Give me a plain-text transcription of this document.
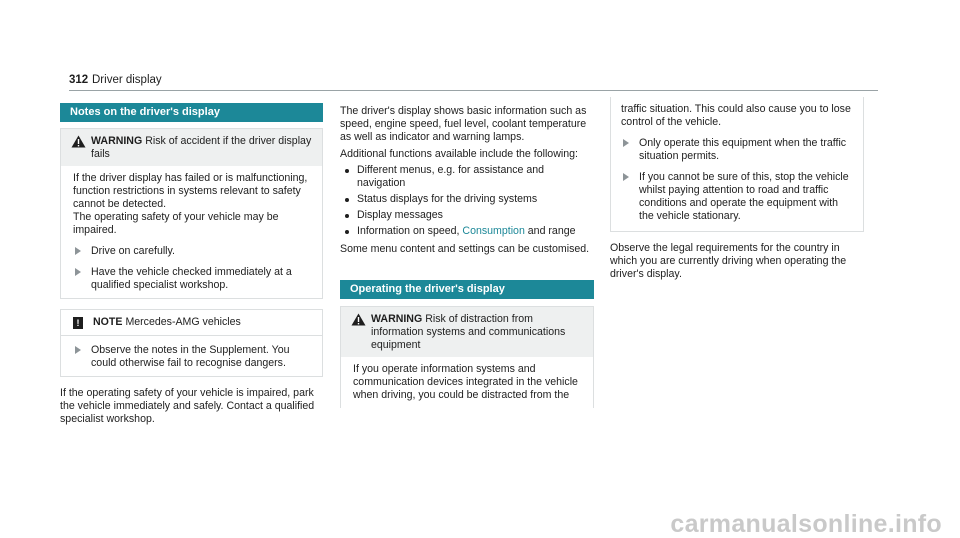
312 Driver display
Notes on the driver's display

WARNING Risk of accident if the driver display fails

If the driver display has failed or is malfunctioning, function restrictions in systems relevant to safety cannot be detected.

The operating safety of your vehicle may be impaired.

Drive on carefully.
Have the vehicle checked immediately at a qualified specialist workshop.
!	NOTE Mercedes-AMG vehicles

Observe the notes in the Supplement. You could otherwise fail to recognise dangers.

If the operating safety of your vehicle is impaired, park the vehicle immediately and safely. Contact a qualified specialist workshop.

The driver's display shows basic information such as speed, engine speed, fuel level, coolant temperature as well as indicator and warning lamps.

Additional functions available include the following:

Different menus, e.g. for assistance and navigation
Status displays for the driving systems
Display messages
Information on speed, Consumption and range

Some menu content and settings can be customised.

Operating the driver's display

WARNING Risk of distraction from information systems and communications equipment

If you operate information systems and communication devices integrated in the vehicle when driving, you could be distracted from the

traffic situation. This could also cause you to lose control of the vehicle.

Only operate this equipment when the traffic situation permits.
If you cannot be sure of this, stop the vehicle whilst paying attention to road and traffic conditions and operate the equipment with the vehicle stationary.

Observe the legal requirements for the country in which you are currently driving when operating the driver's display.

carmanualsonline.info
